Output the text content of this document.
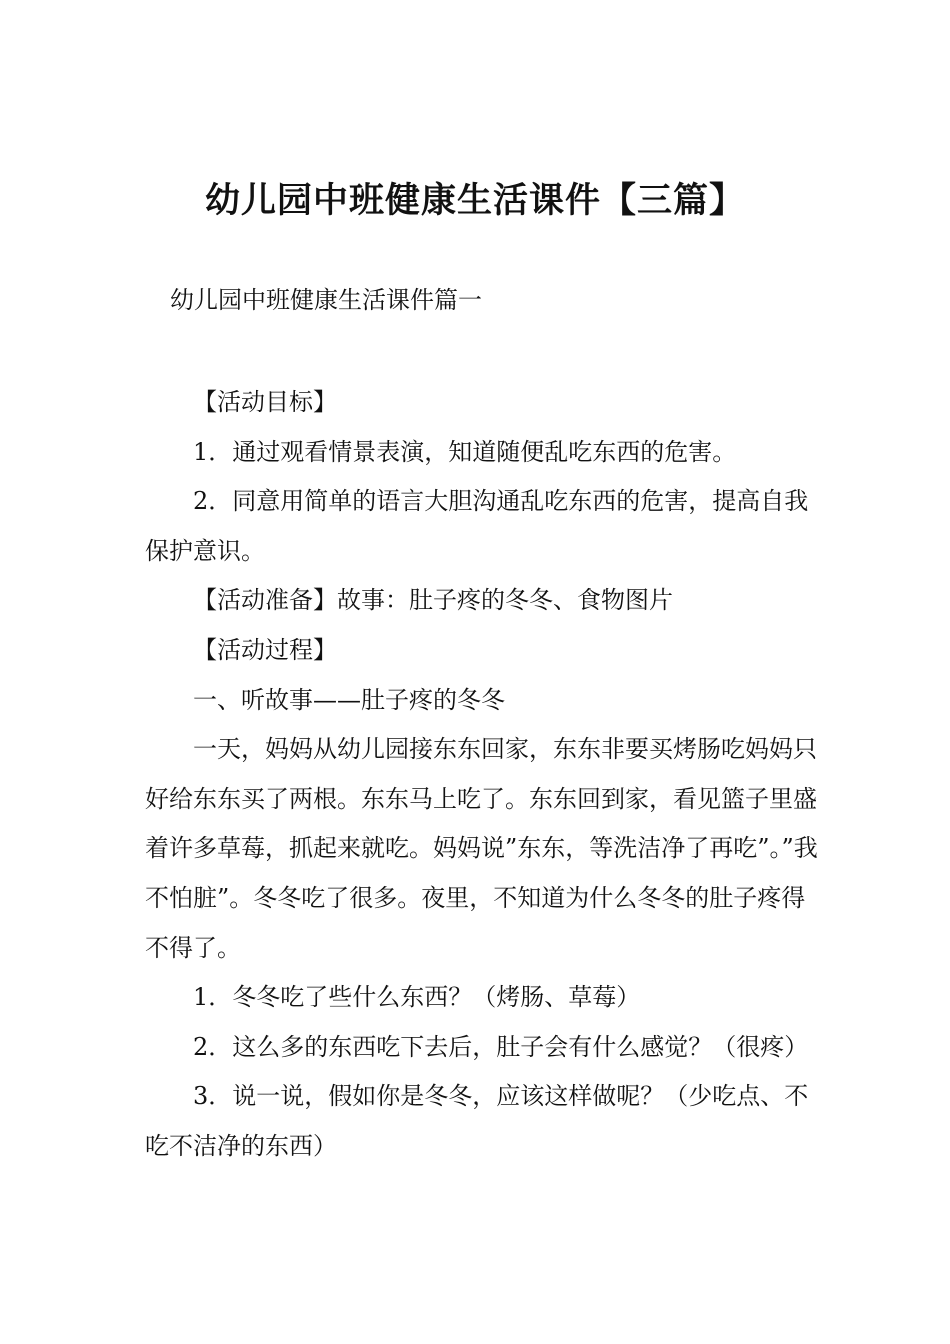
幼儿园中班健康生活课件【三篇】
幼儿园中班健康生活课件篇一

【活动目标】

1．通过观看情景表演，知道随便乱吃东西的危害。

2．同意用简单的语言大胆沟通乱吃东西的危害，提高自我保护意识。

【活动准备】故事：肚子疼的冬冬、食物图片

【活动过程】

一、听故事——肚子疼的冬冬

一天，妈妈从幼儿园接东东回家，东东非要买烤肠吃妈妈只好给东东买了两根。东东马上吃了。东东回到家，看见篮子里盛着许多草莓，抓起来就吃。妈妈说”东东，等洗洁净了再吃”。”我不怕脏”。冬冬吃了很多。夜里，不知道为什么冬冬的肚子疼得不得了。

1．冬冬吃了些什么东西？（烤肠、草莓）

2．这么多的东西吃下去后，肚子会有什么感觉？（很疼）

3．说一说，假如你是冬冬，应该这样做呢？（少吃点、不吃不洁净的东西）
